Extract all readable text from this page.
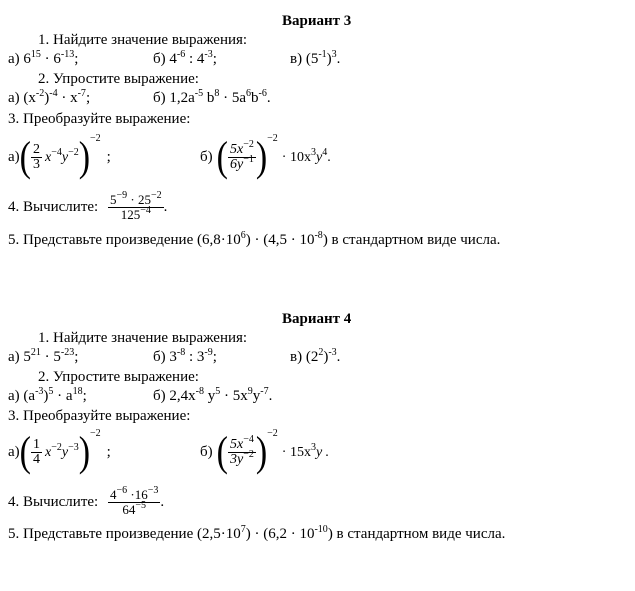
Вариант 3
1. Найдите значение выражения:
а) $6^{15} \cdot 6^{-13}$;	б) $4^{-6}$ : $4^{-3}$;	в) $(5^{-1})^3$.
2. Упростите выражение:
а) $(x^{-2})^{-4} \cdot x^{-7}$;	б) $1,2a^{-5}$ $b^8 \cdot 5a^6b^{-6}$.
3. Преобразуйте выражение:
$а)( \frac{2}{3} x^{-4}y^{-2})^{-2}$;	б) ( $\frac{5x^{-2}}{6y^{-1}} )^{-2}\cdot 10x^3y^4$.
4. Вычислите: $\frac{5^{-9} \cdot 25^{-2}}{125^{-4}}$ .
5. Представьте произведение $(6,8\cdot 10^6) \cdot (4,5 \cdot 10^{-8})$ в стандартном виде числа.
Вариант 4
1. Найдите значение выражения:
а) $5^{21} \cdot 5^{-23}$;	б) $3^{-8}$ : $3^{-9}$;	в) $(2^2)^{-3}$.
2. Упростите выражение:
а) $(a^{-3})^5 \cdot a^{18}$;	б) $2,4x^{-8}$ $y^5 \cdot 5x^9y^{-7}$.
3. Преобразуйте выражение:
$а)( \frac{1}{4} x^{-2}y^{-3})^{-2}$;	б) ( $\frac{5x^{-4}}{3y^{-2}} )^{-2}\cdot 15x^3y$ .
4. Вычислите: $\frac{4^{-6} \cdot 16^{-3}}{64^{-5}}$ .
5. Представьте произведение $(2,5\cdot 10^7) \cdot (6,2 \cdot 10^{-10})$ в стандартном виде числа.
